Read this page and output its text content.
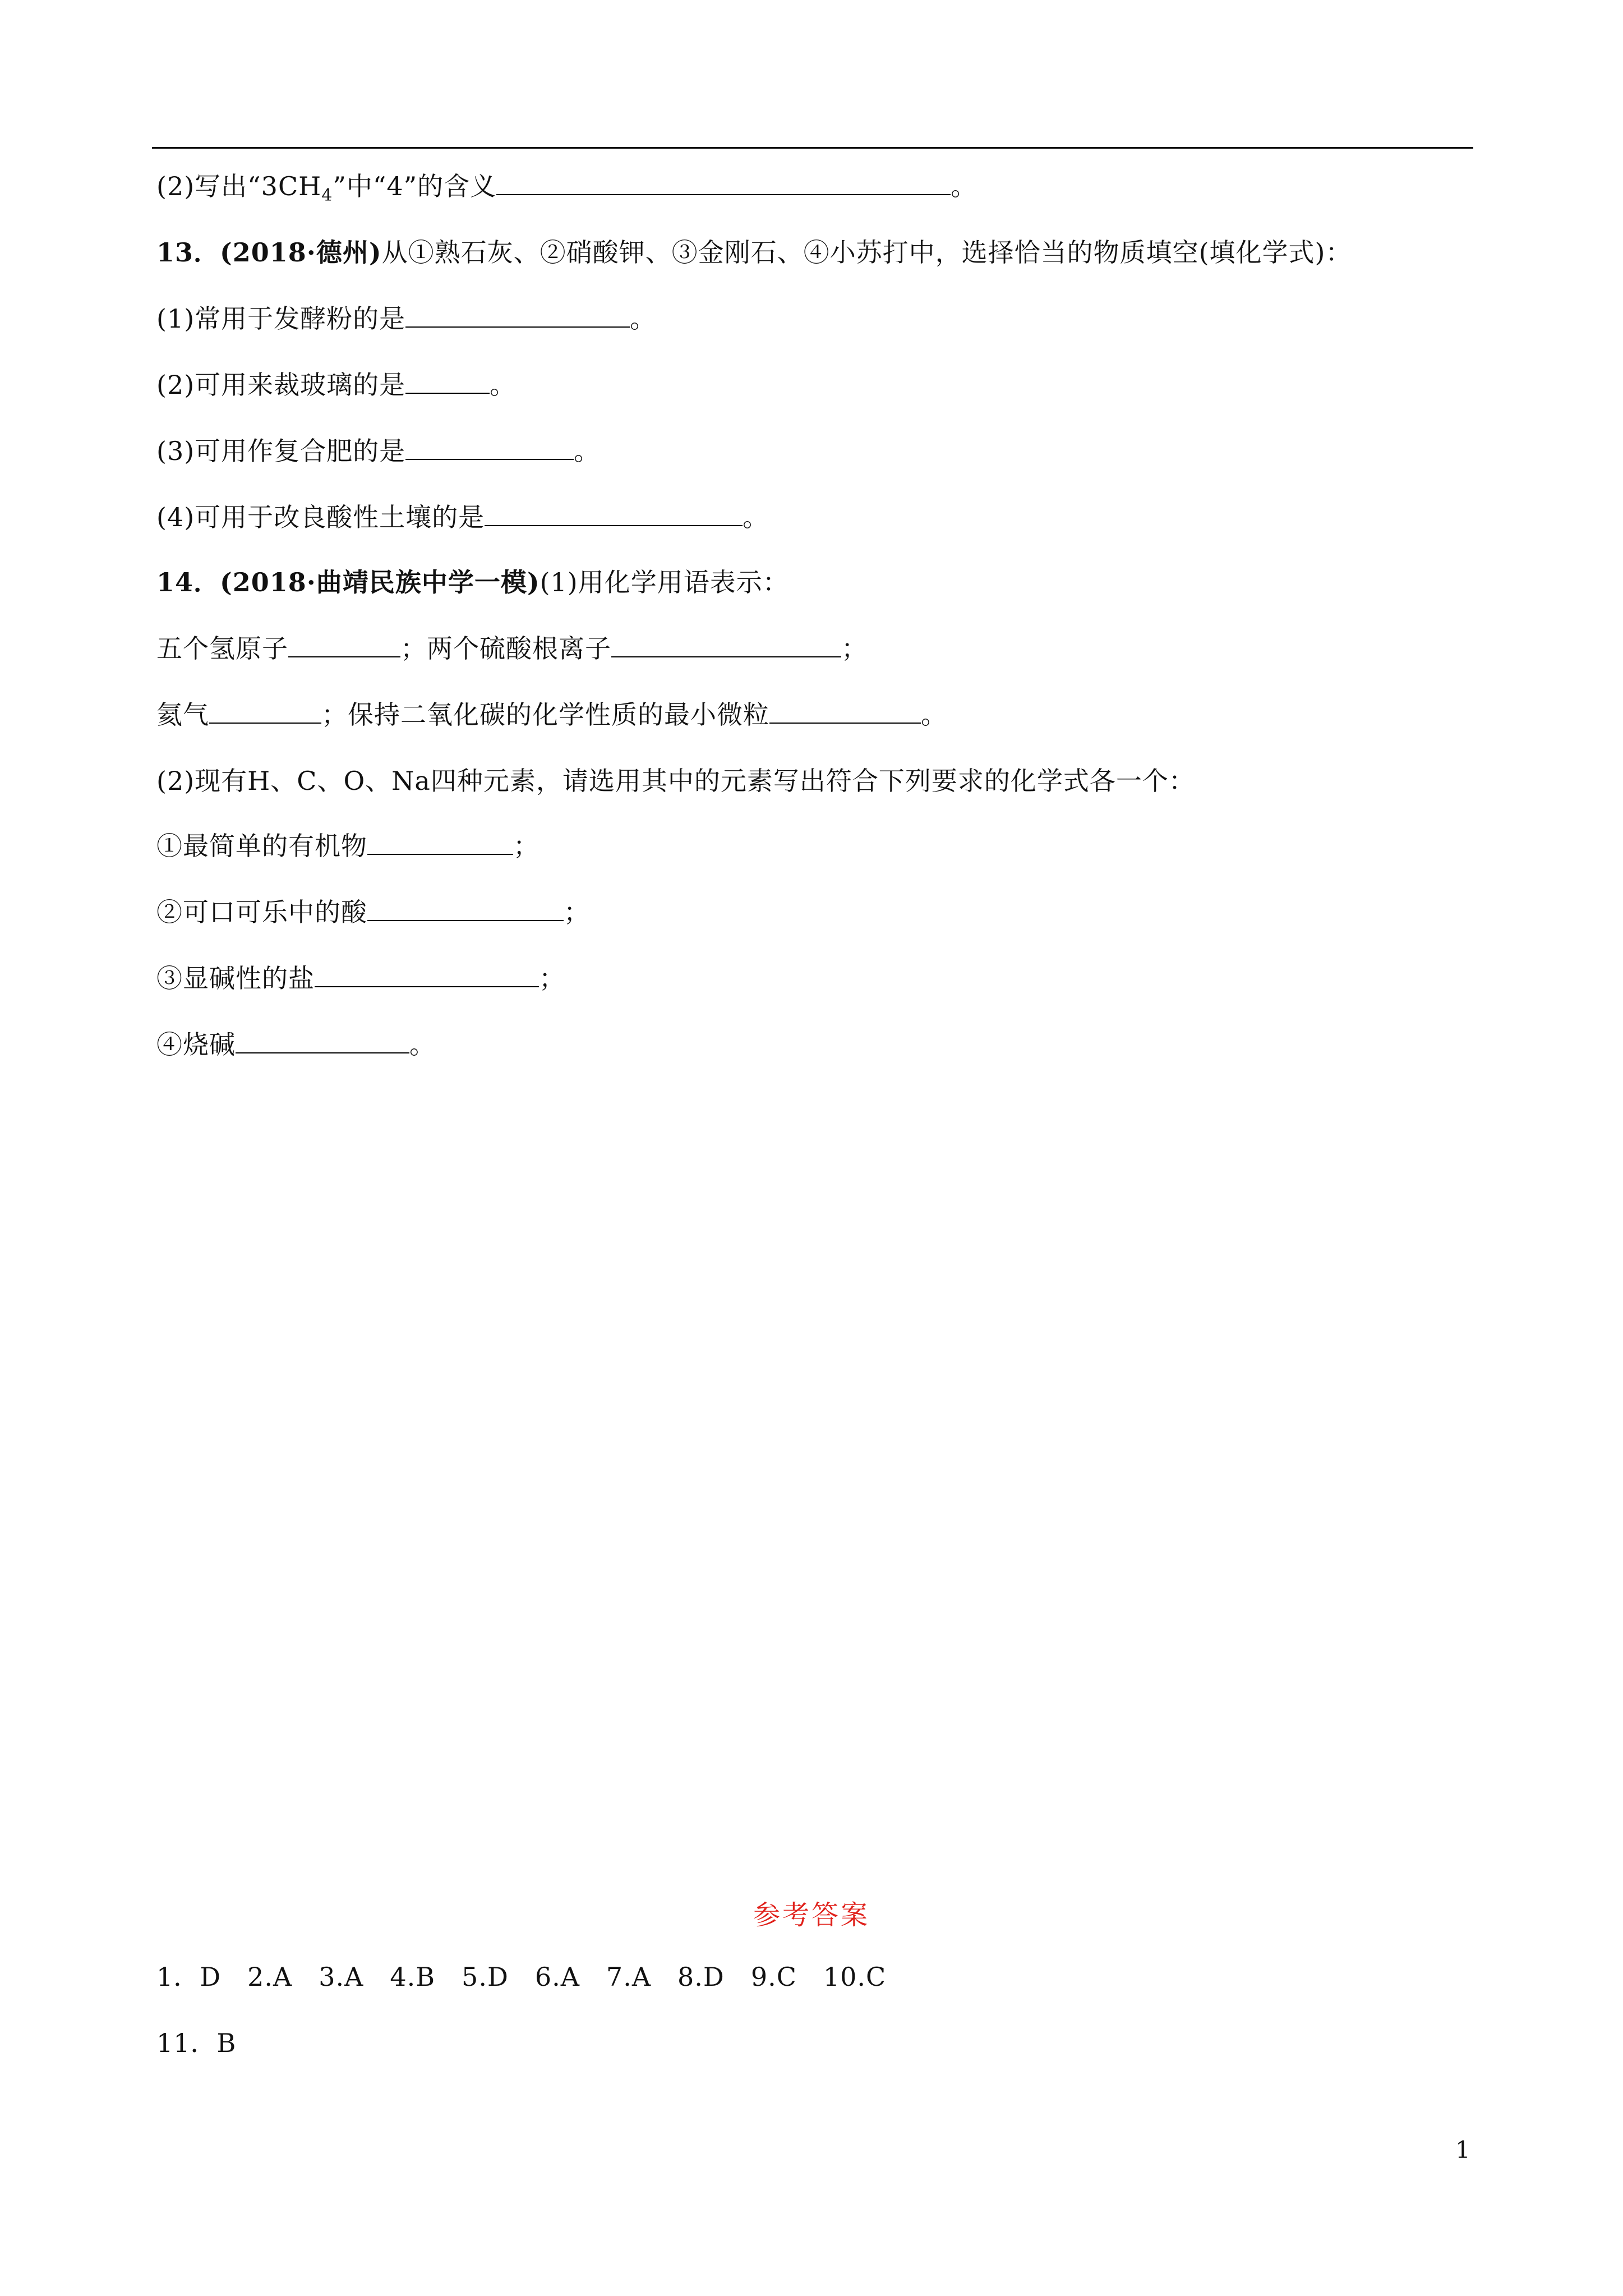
(2)写出“$3CH_4$”中“4”的含义	。
13．(2018·德州)从①熟石灰、②硝酸钾、③金刚石、④小苏打中，选择恰当的物质填空(填化学式)：
(1)常用于发酵粉的是	。
(2)可用来裁玻璃的是	。
(3)可用作复合肥的是	。
(4)可用于改良酸性土壤的是	。
14．(2018·曲靖民族中学一模)(1)用化学用语表示：
五个氢原子	；两个硫酸根离子	；
氦气	；保持二氧化碳的化学性质的最小微粒	。
(2)现有H、C、O、Na四种元素，请选用其中的元素写出符合下列要求的化学式各一个：
①最简单的有机物	；
②可口可乐中的酸	；
③显碱性的盐	；
④烧碱	。
参考答案
1．D　2.A　3.A　4.B　5.D　6.A　7.A　8.D　9.C　10.C
11．B
1
